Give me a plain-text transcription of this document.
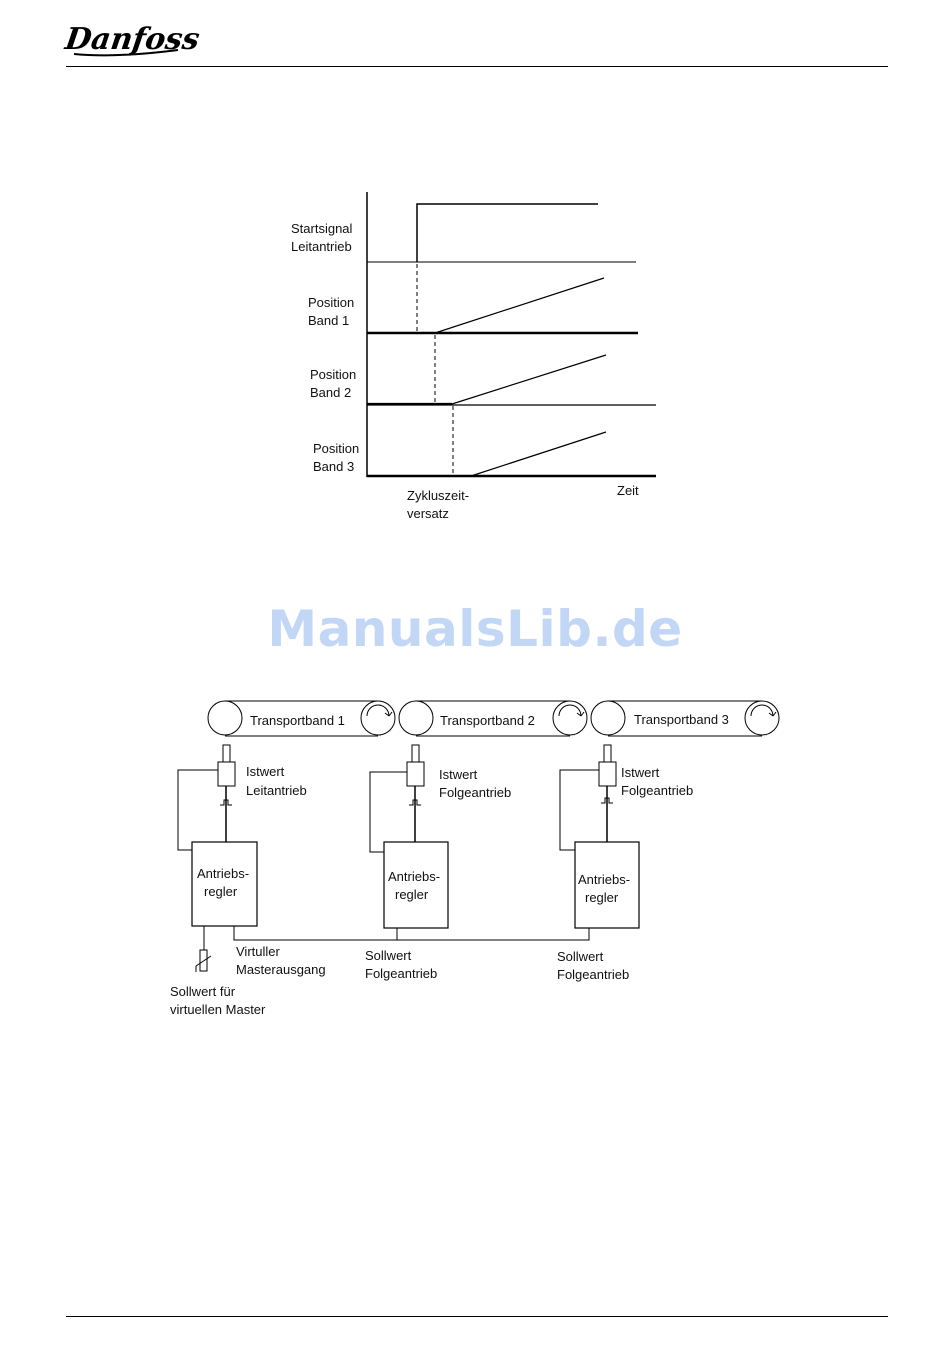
Danfoss
Startsignal
Leitantrieb
Position
Band 1
Position
Band 2
Position
Band 3
Zykluszeit-
versatz
Zeit
ManualsLib.de
Transportband 1	Transportband 2	Transportband 3
Istwert
Leitantrieb
Istwert
Folgeantrieb
Istwert
Folgeantrieb
Antriebs-
regler
Antriebs-
regler
Antriebs-
regler
Virtuller
Masterausgang
Sollwert
Folgeantrieb
Sollwert
Folgeantrieb
Sollwert für
virtuellen Master
